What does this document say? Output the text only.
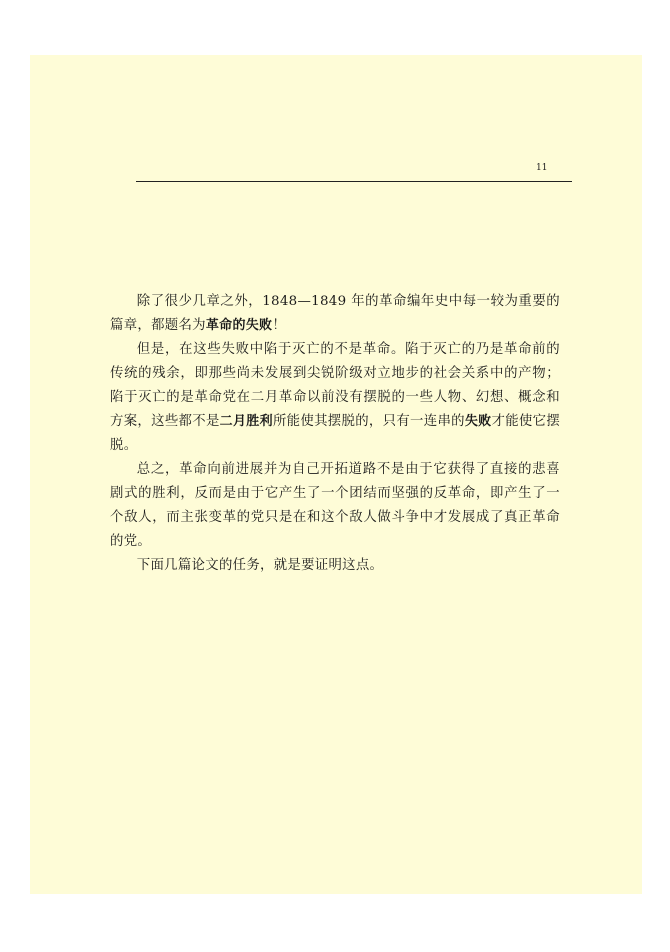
11

除了很少几章之外，1848—1849 年的革命编年史中每一较为重要的篇章，都题名为革命的失败！

但是，在这些失败中陷于灭亡的不是革命。陷于灭亡的乃是革命前的传统的残余，即那些尚未发展到尖锐阶级对立地步的社会关系中的产物；陷于灭亡的是革命党在二月革命以前没有摆脱的一些人物、幻想、概念和方案，这些都不是二月胜利所能使其摆脱的，只有一连串的失败才能使它摆脱。

总之，革命向前进展并为自己开拓道路不是由于它获得了直接的悲喜剧式的胜利，反而是由于它产生了一个团结而坚强的反革命，即产生了一个敌人，而主张变革的党只是在和这个敌人做斗争中才发展成了真正革命的党。

下面几篇论文的任务，就是要证明这点。
